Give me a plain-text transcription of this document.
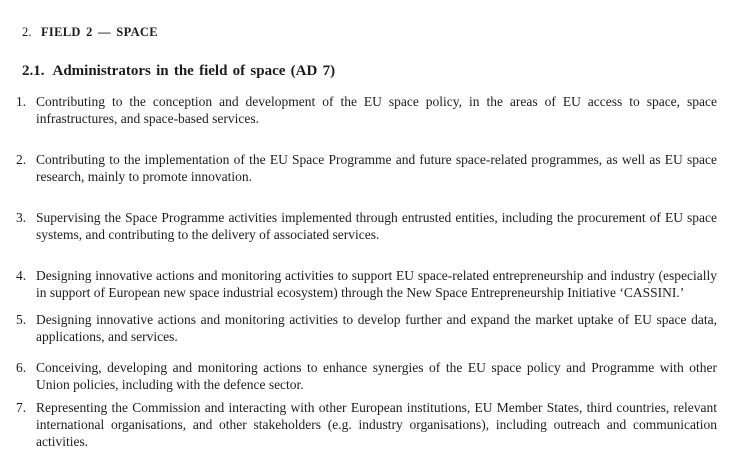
2. FIELD 2 — SPACE
2.1. Administrators in the field of space (AD 7)
1. Contributing to the conception and development of the EU space policy, in the areas of EU access to space, space infrastructures, and space-based services.
2. Contributing to the implementation of the EU Space Programme and future space-related programmes, as well as EU space research, mainly to promote innovation.
3. Supervising the Space Programme activities implemented through entrusted entities, including the procurement of EU space systems, and contributing to the delivery of associated services.
4. Designing innovative actions and monitoring activities to support EU space-related entrepreneurship and industry (especially in support of European new space industrial ecosystem) through the New Space Entrepreneurship Initiative ‘CASSINI.’
5. Designing innovative actions and monitoring activities to develop further and expand the market uptake of EU space data, applications, and services.
6. Conceiving, developing and monitoring actions to enhance synergies of the EU space policy and Programme with other Union policies, including with the defence sector.
7. Representing the Commission and interacting with other European institutions, EU Member States, third countries, relevant international organisations, and other stakeholders (e.g. industry organisations), including outreach and communication activities.
